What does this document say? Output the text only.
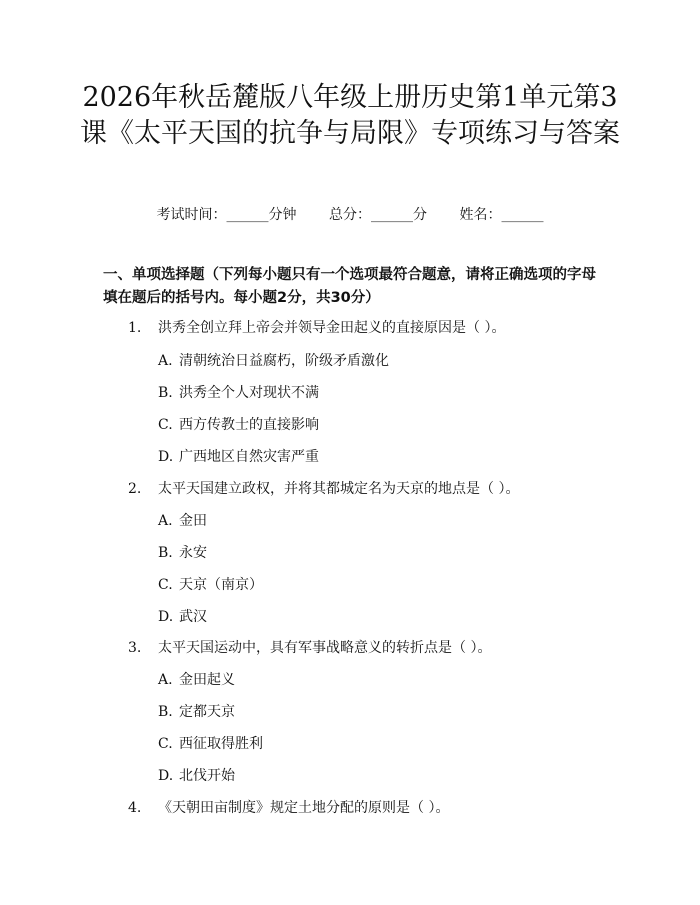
2026年秋岳麓版八年级上册历史第1单元第3课《太平天国的抗争与局限》专项练习与答案
考试时间：______分钟 总分：______分 姓名：______
一、单项选择题（下列每小题只有一个选项最符合题意，请将正确选项的字母填在题后的括号内。每小题2分，共30分）
1. 洪秀全创立拜上帝会并领导金田起义的直接原因是（ ）。
A. 清朝统治日益腐朽，阶级矛盾激化
B. 洪秀全个人对现状不满
C. 西方传教士的直接影响
D. 广西地区自然灾害严重
2. 太平天国建立政权，并将其都城定名为天京的地点是（ ）。
A. 金田
B. 永安
C. 天京（南京）
D. 武汉
3. 太平天国运动中，具有军事战略意义的转折点是（ ）。
A. 金田起义
B. 定都天京
C. 西征取得胜利
D. 北伐开始
4. 《天朝田亩制度》规定土地分配的原则是（ ）。
